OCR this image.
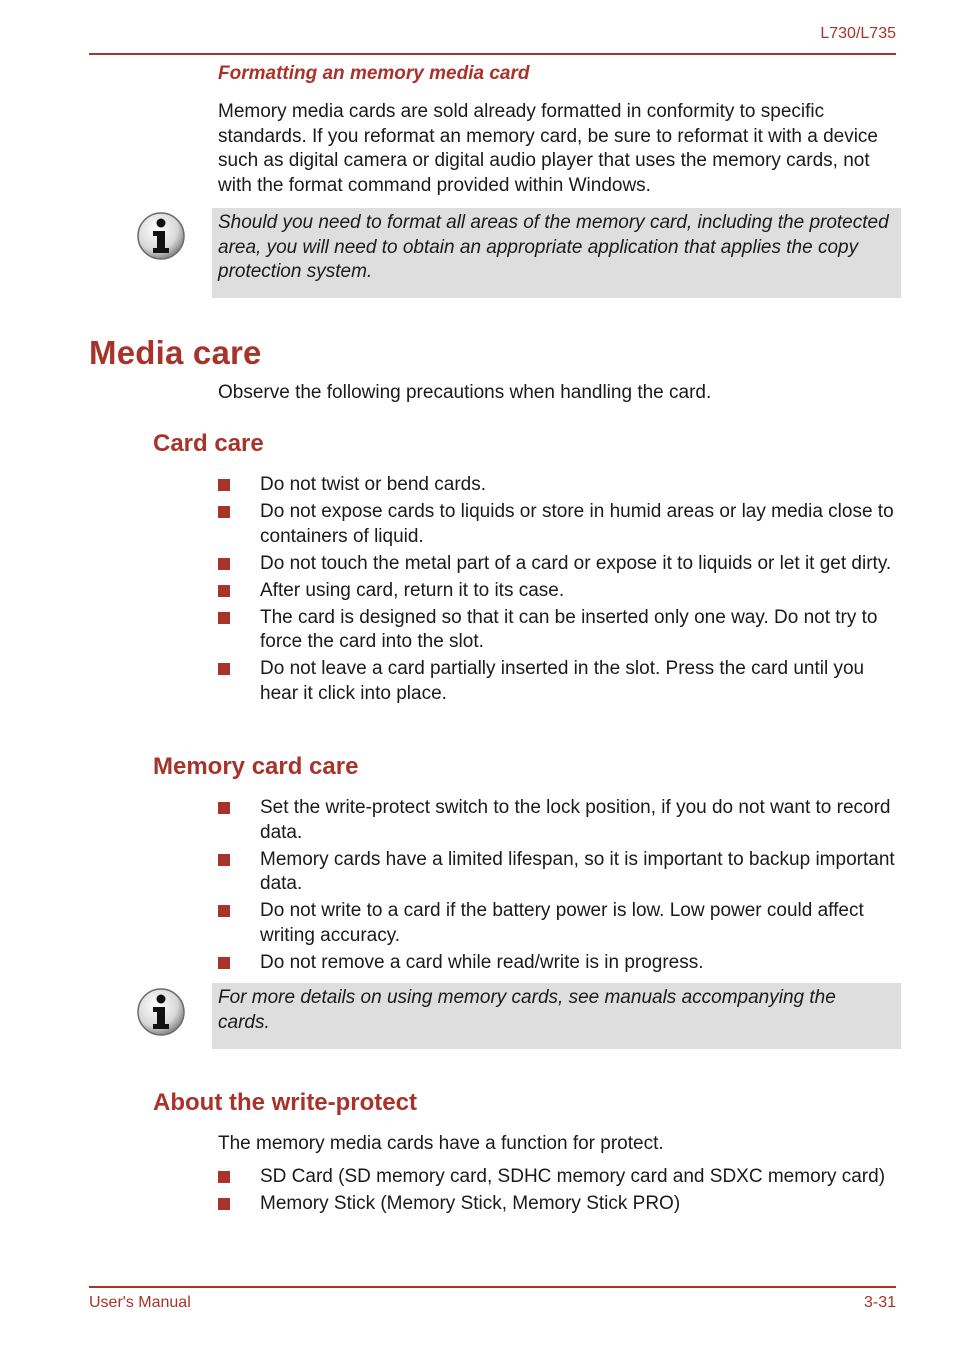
L730/L735
Formatting an memory media card
Memory media cards are sold already formatted in conformity to specific standards. If you reformat an memory card, be sure to reformat it with a device such as digital camera or digital audio player that uses the memory cards, not with the format command provided within Windows.
Should you need to format all areas of the memory card, including the protected area, you will need to obtain an appropriate application that applies the copy protection system.
Media care
Observe the following precautions when handling the card.
Card care
Do not twist or bend cards.
Do not expose cards to liquids or store in humid areas or lay media close to containers of liquid.
Do not touch the metal part of a card or expose it to liquids or let it get dirty.
After using card, return it to its case.
The card is designed so that it can be inserted only one way. Do not try to force the card into the slot.
Do not leave a card partially inserted in the slot. Press the card until you hear it click into place.
Memory card care
Set the write-protect switch to the lock position, if you do not want to record data.
Memory cards have a limited lifespan, so it is important to backup important data.
Do not write to a card if the battery power is low. Low power could affect writing accuracy.
Do not remove a card while read/write is in progress.
For more details on using memory cards, see manuals accompanying the cards.
About the write-protect
The memory media cards have a function for protect.
SD Card (SD memory card, SDHC memory card and SDXC memory card)
Memory Stick (Memory Stick, Memory Stick PRO)
User's Manual	3-31
